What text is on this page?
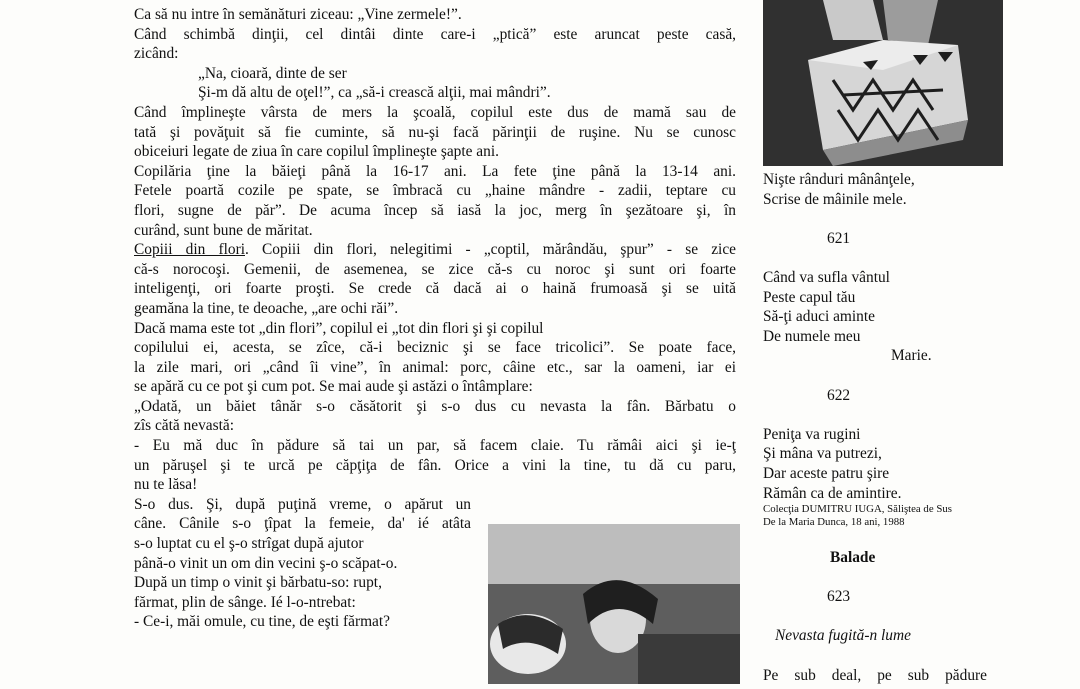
Ca să nu intre în semănături ziceau: „Vine zermele!”.
Când schimbă dinţii, cel dintâi dinte care-i „ptică” este aruncat peste casă,
zicând:
„Na, cioară, dinte de ser
Şi-m dă altu de oţel!”, ca „să-i crească alţii, mai mândri”.
Când împlineşte vârsta de mers la şcoală, copilul este dus de mamă sau de
tată şi povăţuit să fie cuminte, să nu-şi facă părinţii de ruşine. Nu se cunosc
obiceiuri legate de ziua în care copilul împlineşte şapte ani.
Copilăria ţine la băieţi până la 16-17 ani. La fete ţine până la 13-14 ani.
Fetele poartă cozile pe spate, se îmbracă cu „haine mândre - zadii, teptare cu
flori, sugne de păr”. De acuma încep să iasă la joc, merg în şezătoare şi, în
curând, sunt bune de măritat.
Copiii din flori. Copiii din flori, nelegitimi - „coptil, mărândău, şpur” - se zice
că-s norocoşi. Gemenii, de asemenea, se zice că-s cu noroc şi sunt ori foarte
inteligenţi, ori foarte proşti. Se crede că dacă ai o haină frumoasă şi se uită
geamăna la tine, te deoache, „are ochi răi”.
Dacă mama este tot „din flori”, copilul ei „tot din flori şi şi copilul
copilului ei, acesta, se zîce, că-i beciznic şi se face tricolici”. Se poate face,
la zile mari, ori „când îi vine”, în animal: porc, câine etc., sar la oameni, iar ei
se apără cu ce pot şi cum pot. Se mai aude şi astăzi o întâmplare:
„Odată, un băiet tânăr s-o căsătorit şi s-o dus cu nevasta la fân. Bărbatu o
zîs cătă nevastă:
- Eu mă duc în pădure să tai un par, să facem claie. Tu rămâi aici şi ie-ţ
un păruşel şi te urcă pe căpţiţa de fân. Orice a vini la tine, tu dă cu paru,
nu te lăsa!
S-o dus. Şi, după puţină vreme, o apărut un
câne. Cânile s-o ţîpat la femeie, da' ié atâta
s-o luptat cu el ş-o strîgat după ajutor
până-o vinit un om din vecini ş-o scăpat-o.
După un timp o vinit şi bărbatu-so: rupt,
fărmat, plin de sânge. Ié l-o-ntrebat:
- Ce-i, măi omule, cu tine, de eşti fărmat?
Nişte rânduri mânânţele,
Scrise de mâinile mele.
621
Când va sufla vântul
Peste capul tău
Să-ţi aduci aminte
De numele meu
Marie.
622
Peniţa va rugini
Şi mâna va putrezi,
Dar aceste patru şire
Rămân ca de amintire.
Colecţia DUMITRU IUGA, Săliştea de Sus
De la Maria Dunca, 18 ani, 1988
Balade
623
Nevasta fugită-n lume
Pe sub deal, pe sub pădure
